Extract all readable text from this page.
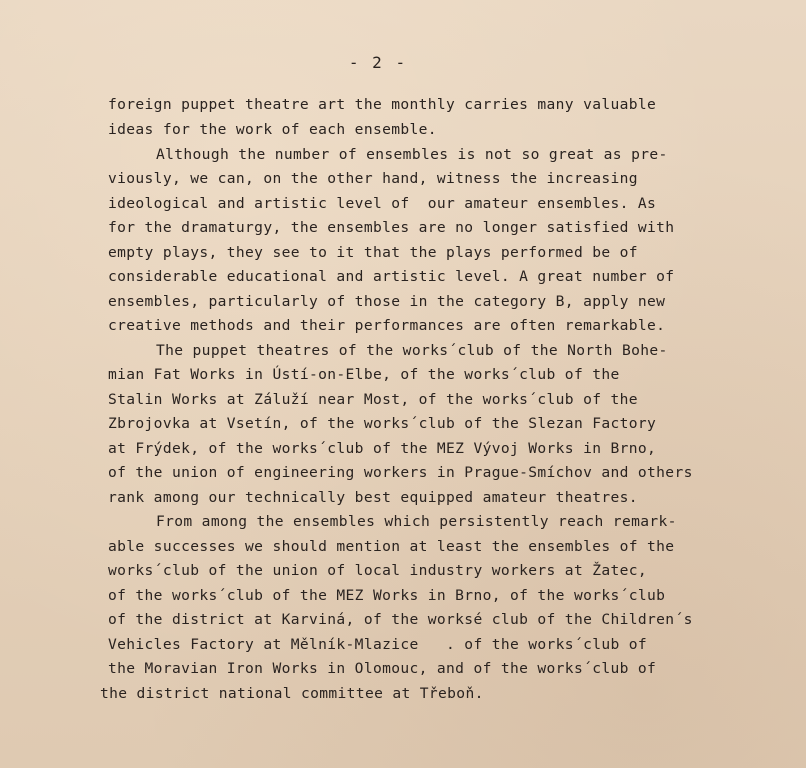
- 2 -
foreign puppet theatre art the monthly carries many valuable
ideas for the work of each ensemble.
Although the number of ensembles is not so great as pre-
viously, we can, on the other hand, witness the increasing
ideological and artistic level of  our amateur ensembles. As
for the dramaturgy, the ensembles are no longer satisfied with
empty plays, they see to it that the plays performed be of
considerable educational and artistic level. A great number of
ensembles, particularly of those in the category B, apply new
creative methods and their performances are often remarkable.
The puppet theatres of the works´club of the North Bohe-
mian Fat Works in Ústí-on-Elbe, of the works´club of the
Stalin Works at Záluží near Most, of the works´club of the
Zbrojovka at Vsetín, of the works´club of the Slezan Factory
at Frýdek, of the works´club of the MEZ Vývoj Works in Brno,
of the union of engineering workers in Prague-Smíchov and others
rank among our technically best equipped amateur theatres.
From among the ensembles which persistently reach remark-
able successes we should mention at least the ensembles of the
works´club of the union of local industry workers at Žatec,
of the works´club of the MEZ Works in Brno, of the works´club
of the district at Karviná, of the worksé club of the Children´s
Vehicles Factory at Mělník-Mlazice   . of the works´club of
the Moravian Iron Works in Olomouc, and of the works´club of
the district national committee at Třeboň.
